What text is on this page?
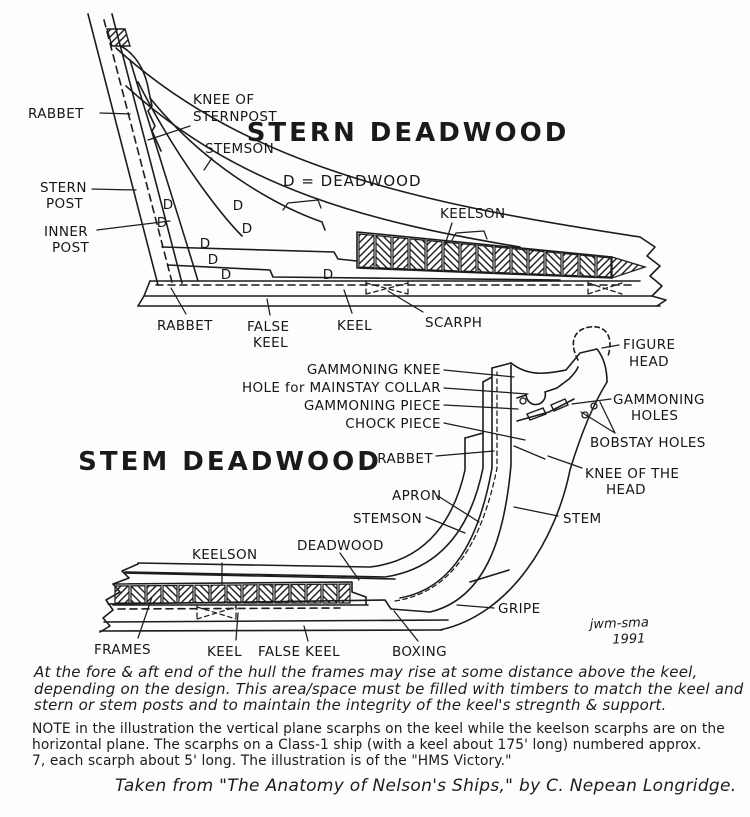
D
D
D
D
D
D
D	D
STERN DEADWOOD
D = DEADWOOD
RABBET
KNEE OF
STERNPOST
STEMSON
STERN
POST
INNER
POST
KEELSON
RABBET	FALSE
KEEL
KEEL	SCARPH
STEM DEADWOOD
GAMMONING KNEE
HOLE for MAINSTAY COLLAR
GAMMONING PIECE
CHOCK PIECE
FIGURE
HEAD
GAMMONING
HOLES
BOBSTAY HOLES
RABBET
KNEE OF THE
HEAD
APRON
STEMSON	STEM
DEADWOOD
KEELSON
GRIPE
FRAMES	KEEL FALSE KEEL	BOXING
jwm-sma
1991
At the fore & aft end of the hull the frames may rise at some distance above the keel,
depending on the design. This area/space must be filled with timbers to match the keel and
stern or stem posts and to maintain the integrity of the keel's stregnth & support.
NOTE in the illustration the vertical plane scarphs on the keel while the keelson scarphs are on the
horizontal plane. The scarphs on a Class-1 ship (with a keel about 175' long) numbered approx.
7, each scarph about 5' long. The illustration is of the "HMS Victory."
Taken from "The Anatomy of Nelson's Ships," by C. Nepean Longridge.
